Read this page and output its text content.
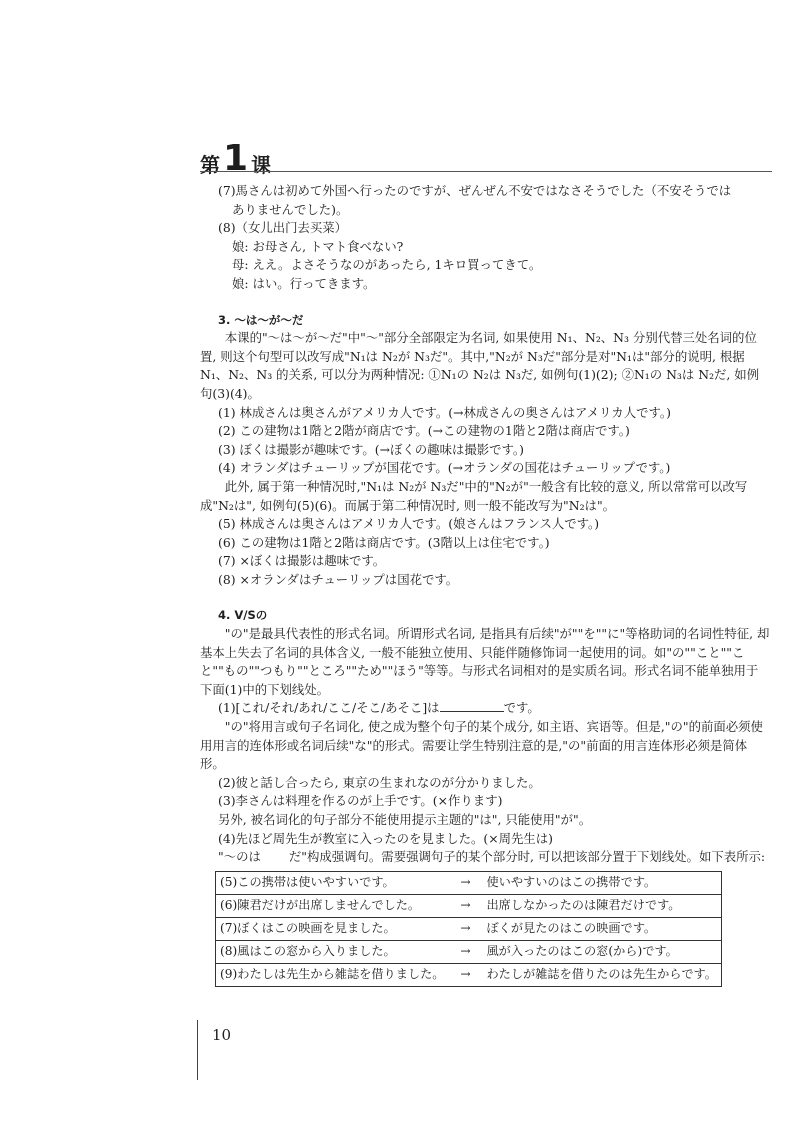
第 1 课

(7)馬さんは初めて外国へ行ったのですが、ぜんぜん不安ではなさそうでした（不安そうでは

ありませんでした)。

(8)（女儿出门去买菜）

娘: お母さん, トマト食べない?

母: ええ。よさそうなのがあったら, 1キロ買ってきて。

娘: はい。行ってきます。

3. ～は～が～だ

本课的"～は～が～だ"中"～"部分全部限定为名词, 如果使用 N₁、N₂、N₃ 分别代替三处名词的位置, 则这个句型可以改写成"N₁は N₂が N₃だ"。其中,"N₂が N₃だ"部分是对"N₁は"部分的说明, 根据 N₁、N₂、N₃ 的关系, 可以分为两种情况: ①N₁の N₂は N₃だ, 如例句(1)(2); ②N₁の N₃は N₂だ, 如例句(3)(4)。

(1) 林成さんは奥さんがアメリカ人です。(→林成さんの奥さんはアメリカ人です。)

(2) この建物は1階と2階が商店です。(→この建物の1階と2階は商店です。)

(3) ぼくは撮影が趣味です。(→ぼくの趣味は撮影です。)

(4) オランダはチューリップが国花です。(→オランダの国花はチューリップです。)

此外, 属于第一种情况时,"N₁は N₂が N₃だ"中的"N₂が"一般含有比较的意义, 所以常常可以改写成"N₂は", 如例句(5)(6)。而属于第二种情况时, 则一般不能改写为"N₂は"。

(5) 林成さんは奥さんはアメリカ人です。(娘さんはフランス人です。)

(6) この建物は1階と2階は商店です。(3階以上は住宅です。)

(7) ×ぼくは撮影は趣味です。

(8) ×オランダはチューリップは国花です。

4. V/Sの

"の"是最具代表性的形式名词。所谓形式名词, 是指具有后续"が""を""に"等格助词的名词性特征, 却基本上失去了名词的具体含义, 一般不能独立使用、只能伴随修饰词一起使用的词。如"の""こと""こと""もの""つもり""ところ""ため""ほう"等等。与形式名词相对的是实质名词。形式名词不能单独用于下面(1)中的下划线处。

(1)[これ/それ/あれ/ここ/そこ/あそこ]は	です。

"の"将用言或句子名词化, 使之成为整个句子的某个成分, 如主语、宾语等。但是,"の"的前面必须使用用言的连体形或名词后续"な"的形式。需要让学生特别注意的是,"の"前面的用言连体形必须是简体形。

(2)彼と話し合ったら, 東京の生まれなのが分かりました。

(3)李さんは料理を作るのが上手です。(×作ります)

另外, 被名词化的句子部分不能使用提示主题的"は", 只能使用"が"。

(4)先ほど周先生が教室に入ったのを見ました。(×周先生は)

"～のは だ"构成强调句。需要强调句子的某个部分时, 可以把该部分置于下划线处。如下表所示:

(5)この携帯は使いやすいです。	→	使いやすいのはこの携帯です。
(6)陳君だけが出席しませんでした。	→	出席しなかったのは陳君だけです。
(7)ぼくはこの映画を見ました。	→	ぼくが見たのはこの映画です。
(8)風はこの窓から入りました。	→	風が入ったのはこの窓(から)です。
(9)わたしは先生から雑誌を借りました。	→	わたしが雑誌を借りたのは先生からです。
10
